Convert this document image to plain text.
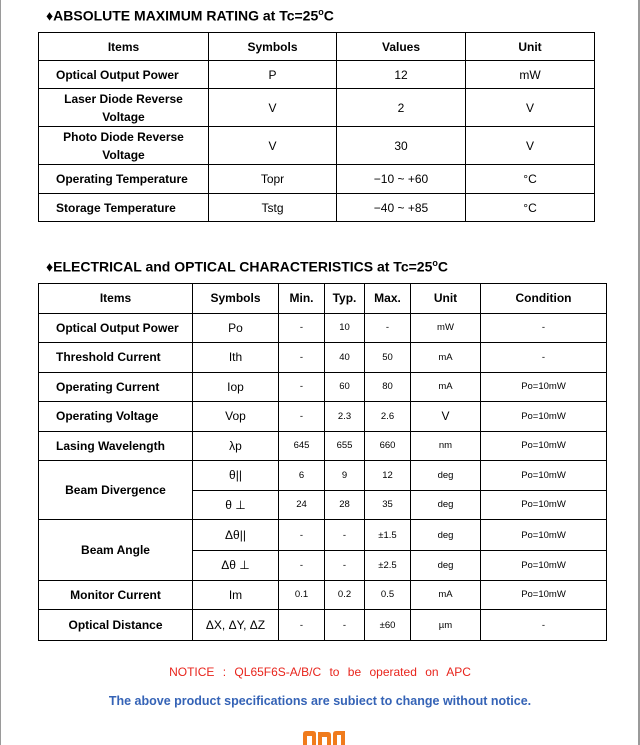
♦ABSOLUTE MAXIMUM RATING at $Tc=25^oC$
Items	Symbols	Values	Unit
Optical Output Power	P	12	mW

Laser Diode Reverse
Voltage	V	2	V

Photo Diode Reverse
Voltage	V	30	V
Operating Temperature	Topr	−10 ~ +60	°C
Storage Temperature	Tstg	−40 ~ +85	°C
♦ELECTRICAL and OPTICAL CHARACTERISTICS at $Tc=25^oC$
Items	Symbols	Min.	Typ.	Max.	Unit	Condition
Optical Output Power	Po	-	10	-	mW	-
Threshold Current	Ith	-	40	50	mA	-
Operating Current	Iop	-	60	80	mA	Po=10mW
Operating Voltage	Vop	-	2.3	2.6	V	Po=10mW
Lasing Wavelength	λp	645	655	660	nm	Po=10mW
Beam Divergence	θ||	6	9	12	deg	Po=10mW
	θ ⊥	24	28	35	deg	Po=10mW
Beam Angle	Δθ||	-	-	±1.5	deg	Po=10mW
	Δθ ⊥	-	-	±2.5	deg	Po=10mW
Monitor Current	Im	0.1	0.2	0.5	mA	Po=10mW
Optical Distance	ΔX, ΔY, ΔZ	-	-	±60	µm	-
NOTICE : QL65F6S-A/B/C to be operated on APC
The above product specifications are subiect to change without notice.
